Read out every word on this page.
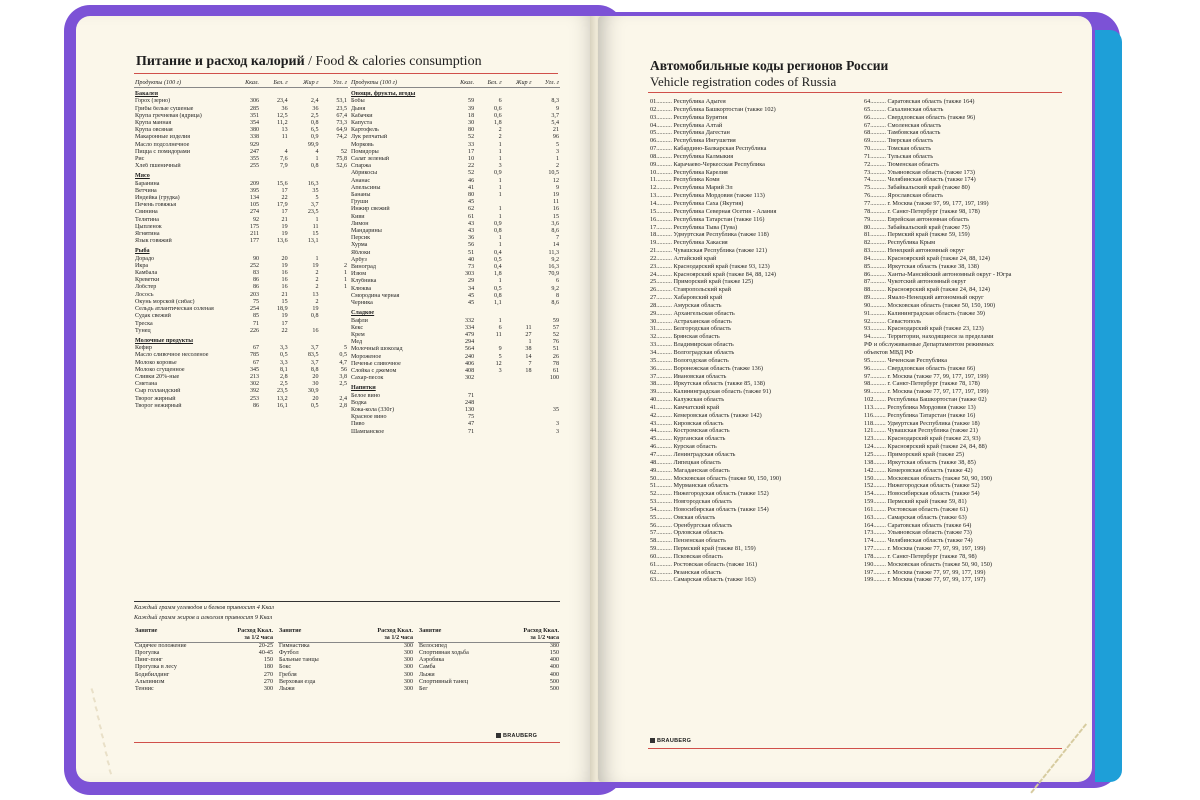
Питание и расход калорий / Food & calories consumption
Продукты (100 г)	Ккал.	Бел. г	Жир г	Угл. г
Бакалея				
Горох (зерно)	306	23,4	2,4	53,1
Грибы белые сушеные	285	36	36	23,5
Крупа гречневая (ядрица)	351	12,5	2,5	67,4
Крупа манная	354	11,2	0,8	73,3
Крупа овсяная	380	13	6,5	64,9
Макаронные изделия	338	11	0,9	74,2
Масло подсолнечное	929		99,9	
Пицца с помидорами	247	4	4	52
Рис	355	7,6	1	75,8
Хлеб пшеничный	255	7,9	0,8	52,6
Мясо				
Баранина	209	15,6	16,3	
Ветчина	395	17	35	
Индейка (грудка)	134	22	5	
Печень говяжья	105	17,9	3,7	
Свинина	274	17	23,5	
Телятина	92	21	1	
Цыпленок	175	19	11	
Ягнятина	211	19	15	
Язык говяжий	177	13,6	13,1	
Рыба				
Дорадо	90	20	1	
Икра	252	19	19	2
Камбала	83	16	2	1
Креветки	86	16	2	1
Лобстер	86	16	2	1
Лосось	203	21	13	
Окунь морской (сибас)	75	15	2	
Сельдь атлантическая соленая	254	18,9	19	
Судак свежий	85	19	0,8	
Треска	71	17		
Тунец	226	22	16	
Молочные продукты				
Кефир	67	3,3	3,7	5
Масло сливочное несоленое	785	0,5	83,5	0,5
Молоко коровье	67	3,3	3,7	4,7
Молоко сгущенное	345	8,1	8,8	56
Сливки 20%-ные	213	2,8	20	3,8
Сметана	302	2,5	30	2,5
Сыр голландский	392	23,5	30,9	
Творог жирный	253	13,2	20	2,4
Творог нежирный	86	16,1	0,5	2,8
Продукты (100 г)	Ккал.	Бел. г	Жир г	Угл. г
Овощи, фрукты, ягоды				
Бобы	59	6		8,3
Дыня	39	0,6		9
Кабачки	18	0,6		3,7
Капуста	30	1,8		5,4
Картофель	80	2		21
Лук репчатый	52	2		96
Морковь	33	1		5
Помидоры	17	1		3
Салат зеленый	10	1		1
Спаржа	22	3		2
Абрикосы	52	0,9		10,5
Ананас	46	1		12
Апельсины	41	1		9
Бананы	80	1		19
Груши	45			11
Инжир свежий	62	1		16
Киви	61	1		15
Лимон	43	0,9		3,6
Мандарины	43	0,8		8,6
Персик	36	1		7
Хурма	56	1		14
Яблоки	51	0,4		11,3
Арбуз	40	0,5		9,2
Виноград	73	0,4		16,3
Изюм	303	1,8		70,9
Клубника	29	1		6
Клюква	34	0,5		9,2
Смородина черная	45	0,8		8
Черника	45	1,1		8,6
Сладкое				
Вафли	332	1		59
Кекс	334	6	11	57
Крем	479	11	27	52
Мед	294		1	76
Молочный шоколад	564	9	38	51
Мороженое	240	5	14	26
Печенье сливочное	406	12	7	78
Слойка с джемом	408	3	18	61
Сахар-песок	302			100
Напитки				
Белое вино	71			
Водка	248			
Кока-кола (330г)	130			35
Красное вино	75			
Пиво	47			3
Шампанское	71			3
Каждый грамм углеводов и белков привносит 4 Ккал
Каждый грамм жиров и алкоголя привносит 9 Ккал
Занятие	Расход Ккал. за 1/2 часа
Сидячее положение	20-25
Прогулка	40-45
Пинг-понг	150
Прогулка в лесу	180
Бодибилдинг	270
Альпинизм	270
Теннис	300
Занятие	Расход Ккал. за 1/2 часа
Гимнастика	300
Футбол	300
Бальные танцы	300
Бокс	300
Гребля	300
Верховая езда	300
Лыжи	300
Занятие	Расход Ккал. за 1/2 часа
Велосипед	380
Спортивная ходьба	150
Аэробика	400
Самба	400
Лыжи	400
Спортивный танец	500
Бег	500
BRAUBERG
Автомобильные коды регионов России
Vehicle registration codes of Russia
01.......... Республика Адыгея
02.......... Республика Башкортостан (также 102)
03.......... Республика Бурятия
04.......... Республика Алтай
05.......... Республика Дагестан
06.......... Республика Ингушетия
07.......... Кабардино-Балкарская Республика
08.......... Республика Калмыкия
09.......... Карачаево-Черкесская Республика
10.......... Республика Карелия
11.......... Республика Коми
12.......... Республика Марий Эл
13.......... Республика Мордовия (также 113)
14.......... Республика Саха (Якутия)
15.......... Республика Северная Осетия - Алания
16.......... Республика Татарстан (также 116)
17.......... Республика Тыва (Тува)
18.......... Удмуртская Республика (также 118)
19.......... Республика Хакасия
21.......... Чувашская Республика (также 121)
22.......... Алтайский край
23.......... Краснодарский край (также 93, 123)
24.......... Красноярский край (также 84, 88, 124)
25.......... Приморский край (также 125)
26.......... Ставропольский край
27.......... Хабаровский край
28.......... Амурская область
29.......... Архангельская область
30.......... Астраханская область
31.......... Белгородская область
32.......... Брянская область
33.......... Владимирская область
34.......... Волгоградская область
35.......... Вологодская область
36.......... Воронежская область (также 136)
37.......... Ивановская область
38.......... Иркутская область (также 85, 138)
39.......... Калининградская область (также 91)
40.......... Калужская область
41.......... Камчатский край
42.......... Кемеровская область (также 142)
43.......... Кировская область
44.......... Костромская область
45.......... Курганская область
46.......... Курская область
47.......... Ленинградская область
48.......... Липецкая область
49.......... Магаданская область
50.......... Московская область (также 90, 150, 190)
51.......... Мурманская область
52.......... Нижегородская область (также 152)
53.......... Новгородская область
54.......... Новосибирская область (также 154)
55.......... Омская область
56.......... Оренбургская область
57.......... Орловская область
58.......... Пензенская область
59.......... Пермский край (также 81, 159)
60.......... Псковская область
61.......... Ростовская область (также 161)
62.......... Рязанская область
63.......... Самарская область (также 163)
64.......... Саратовская область (также 164)
65.......... Сахалинская область
66.......... Свердловская область (также 96)
67.......... Смоленская область
68.......... Тамбовская область
69.......... Тверская область
70.......... Томская область
71.......... Тульская область
72.......... Тюменская область
73.......... Ульяновская область (также 173)
74.......... Челябинская область (также 174)
75.......... Забайкальский край (также 80)
76.......... Ярославская область
77.......... г. Москва (также 97, 99, 177, 197, 199)
78.......... г. Санкт-Петербург (также 98, 178)
79.......... Еврейская автономная область
80.......... Забайкальский край (также 75)
81.......... Пермский край (также 59, 159)
82.......... Республика Крым
83.......... Ненецкий автономный округ
84.......... Красноярский край (также 24, 88, 124)
85.......... Иркутская область (также 38, 138)
86.......... Ханты-Мансийский автономный округ - Югра
87.......... Чукотский автономный округ
88.......... Красноярский край (также 24, 84, 124)
89.......... Ямало-Ненецкий автономный округ
90.......... Московская область (также 50, 150, 190)
91.......... Калининградская область (также 39)
92.......... Севастополь
93.......... Краснодарский край (также 23, 123)
94.......... Территории, находящиеся за пределами
РФ и обслуживаемые Департаментом режимных
объектов МВД РФ
95.......... Чеченская Республика
96.......... Свердловская область (также 66)
97.......... г. Москва (также 77, 99, 177, 197, 199)
98.......... г. Санкт-Петербург (также 78, 178)
99.......... г. Москва (также 77, 97, 177, 197, 199)
102........ Республика Башкортостан (также 02)
113........ Республика Мордовия (также 13)
116........ Республика Татарстан (также 16)
118........ Удмуртская Республика (также 18)
121........ Чувашская Республика (также 21)
123........ Краснодарский край (также 23, 93)
124........ Красноярский край (также 24, 84, 88)
125........ Приморский край (также 25)
138........ Иркутская область (также 38, 85)
142........ Кемеровская область (также 42)
150........ Московская область (также 50, 90, 190)
152........ Нижегородская область (также 52)
154........ Новосибирская область (также 54)
159........ Пермский край (также 59, 81)
161........ Ростовская область (также 61)
163........ Самарская область (также 63)
164........ Саратовская область (также 64)
173........ Ульяновская область (также 73)
174........ Челябинская область (также 74)
177........ г. Москва (также 77, 97, 99, 197, 199)
178........ г. Санкт-Петербург (также 78, 98)
190........ Московская область (также 50, 90, 150)
197........ г. Москва (также 77, 97, 99, 177, 199)
199........ г. Москва (также 77, 97, 99, 177, 197)
BRAUBERG
